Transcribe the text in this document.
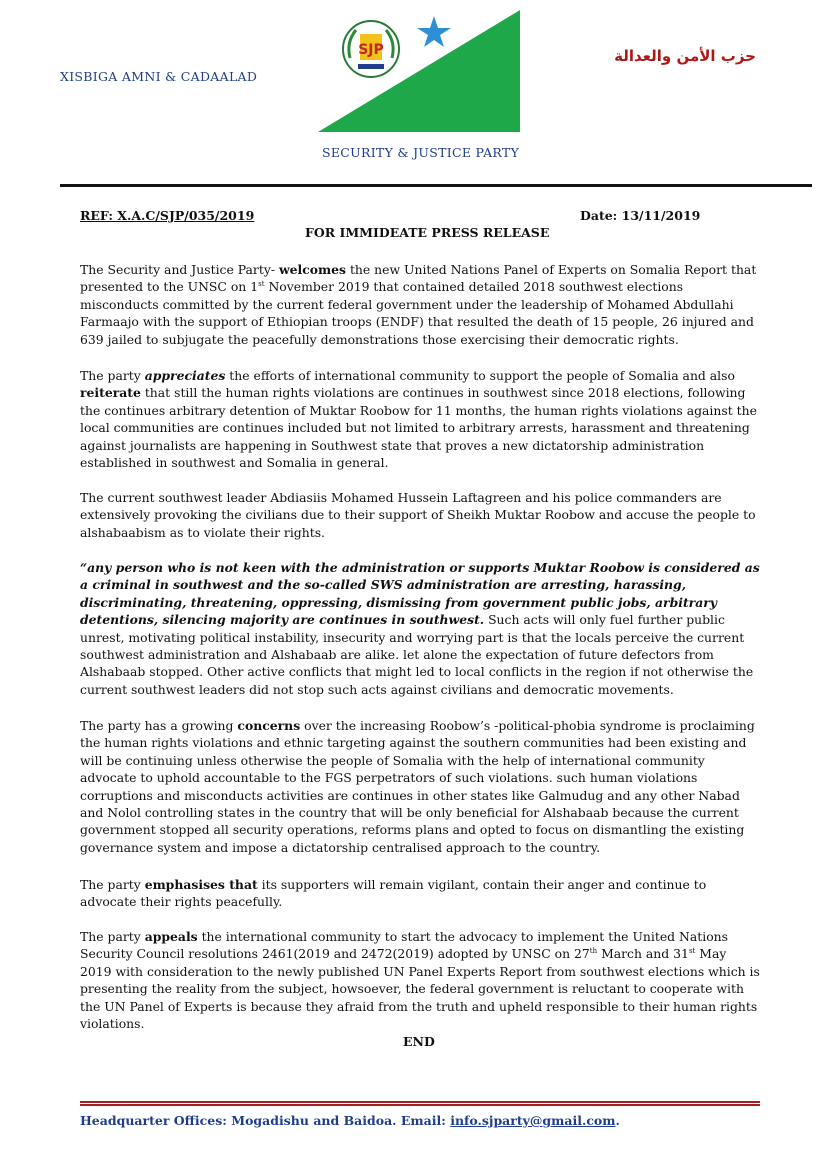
XISBIGA AMNI & CADAALAD
SJP	حزب الأمن والعدالة
SECURITY & JUSTICE PARTY
REF: X.A.C/SJP/035/2019	Date: 13/11/2019
FOR IMMIDEATE PRESS RELEASE

The Security and Justice Party- welcomes the new United Nations Panel of Experts on Somalia Report that presented to the UNSC on 1st November 2019 that contained detailed 2018 southwest elections misconducts committed by the current federal government under the leadership of Mohamed Abdullahi Farmaajo with the support of Ethiopian troops (ENDF) that resulted the death of 15 people, 26 injured and 639 jailed to subjugate the peacefully demonstrations those exercising their democratic rights.

The party appreciates the efforts of international community to support the people of Somalia and also reiterate that still the human rights violations are continues in southwest since 2018 elections, following the continues arbitrary detention of Muktar Roobow for 11 months, the human rights violations against the local communities are continues included but not limited to arbitrary arrests, harassment and threatening against journalists are happening in Southwest state that proves a new dictatorship administration established in southwest and Somalia in general.

The current southwest leader Abdiasiis Mohamed Hussein Laftagreen and his police commanders are extensively provoking the civilians due to their support of Sheikh Muktar Roobow and accuse the people to alshabaabism as to violate their rights.

“any person who is not keen with the administration or supports Muktar Roobow is considered as a criminal in southwest and the so-called SWS administration are arresting, harassing, discriminating, threatening, oppressing, dismissing from government public jobs, arbitrary detentions, silencing majority are continues in southwest. Such acts will only fuel further public unrest, motivating political instability, insecurity and worrying part is that the locals perceive the current southwest administration and Alshabaab are alike. let alone the expectation of future defectors from Alshabaab stopped. Other active conflicts that might led to local conflicts in the region if not otherwise the current southwest leaders did not stop such acts against civilians and democratic movements.

The party has a growing concerns over the increasing Roobow’s -political-phobia syndrome is proclaiming the human rights violations and ethnic targeting against the southern communities had been existing and will be continuing unless otherwise the people of Somalia with the help of international community advocate to uphold accountable to the FGS perpetrators of such violations. such human violations corruptions and misconducts activities are continues in other states like Galmudug and any other Nabad and Nolol controlling states in the country that will be only beneficial for Alshabaab because the current government stopped all security operations, reforms plans and opted to focus on dismantling the existing governance system and impose a dictatorship centralised approach to the country.

The party emphasises that its supporters will remain vigilant, contain their anger and continue to advocate their rights peacefully.

The party appeals the international community to start the advocacy to implement the United Nations Security Council resolutions 2461(2019 and 2472(2019) adopted by UNSC on 27th March and 31st May 2019 with consideration to the newly published UN Panel Experts Report from southwest elections which is presenting the reality from the subject, howsoever, the federal government is reluctant to cooperate with the UN Panel of Experts is because they afraid from the truth and upheld responsible to their human rights violations.

END
Headquarter Offices: Mogadishu and Baidoa. Email: info.sjparty@gmail.com.
